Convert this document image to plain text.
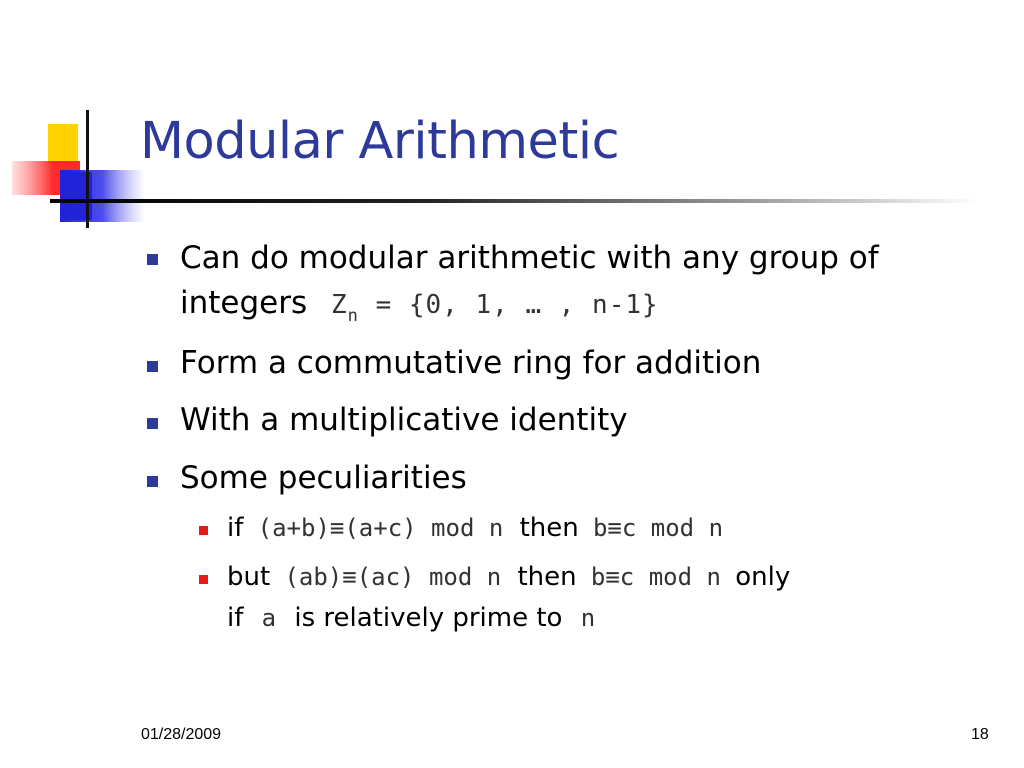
Modular Arithmetic
Can do modular arithmetic with any group of
integers $Z_n = \{0$, 1, … , n-1}
Form a commutative ring for addition
With a multiplicative identity
Some peculiarities
if (a+b)≡(a+c) mod n then b≡c mod n
but (ab)≡(ac) mod n then b≡c mod n only
if a is relatively prime to n
01/28/2009	18
